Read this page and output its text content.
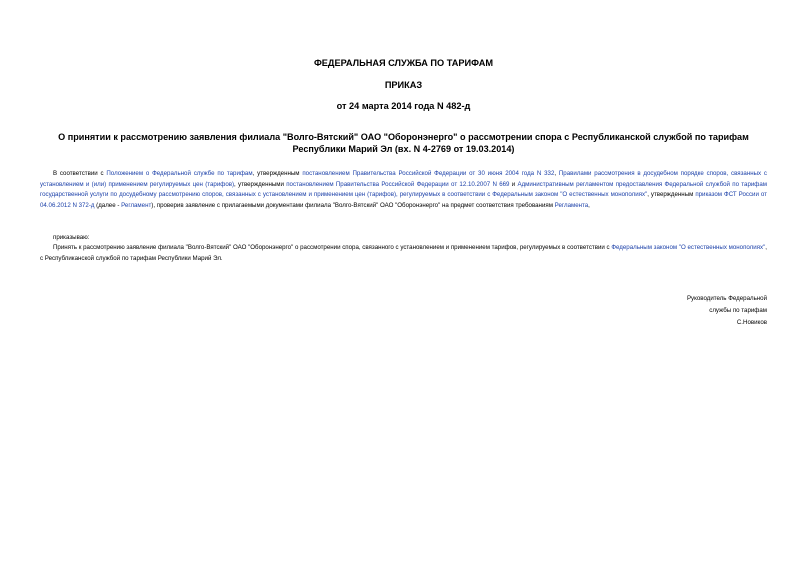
ФЕДЕРАЛЬНАЯ СЛУЖБА ПО ТАРИФАМ
ПРИКАЗ
от 24 марта 2014 года N 482-д
О принятии к рассмотрению заявления филиала "Волго-Вятский" ОАО "Оборонэнерго" о рассмотрении спора с Республиканской службой по тарифам Республики Марий Эл (вх. N 4-2769 от 19.03.2014)
В соответствии с Положением о Федеральной службе по тарифам, утвержденным постановлением Правительства Российской Федерации от 30 июня 2004 года N 332, Правилами рассмотрения в досудебном порядке споров, связанных с установлением и (или) применением регулируемых цен (тарифов), утвержденными постановлением Правительства Российской Федерации от 12.10.2007 N 669 и Административным регламентом предоставления Федеральной службой по тарифам государственной услуги по досудебному рассмотрению споров, связанных с установлением и применением цен (тарифов), регулируемых в соответствии с Федеральным законом "О естественных монополиях", утвержденным приказом ФСТ России от 04.06.2012 N 372-д (далее - Регламент), проверив заявление с прилагаемыми документами филиала "Волго-Вятский" ОАО "Оборонэнерго" на предмет соответствия требованиям Регламента,
приказываю:
Принять к рассмотрению заявление филиала "Волго-Вятский" ОАО "Оборонэнерго" о рассмотрении спора, связанного с установлением и применением тарифов, регулируемых в соответствии с Федеральным законом "О естественных монополиях", с Республиканской службой по тарифам Республики Марий Эл.
Руководитель Федеральной
службы по тарифам
С.Новиков
